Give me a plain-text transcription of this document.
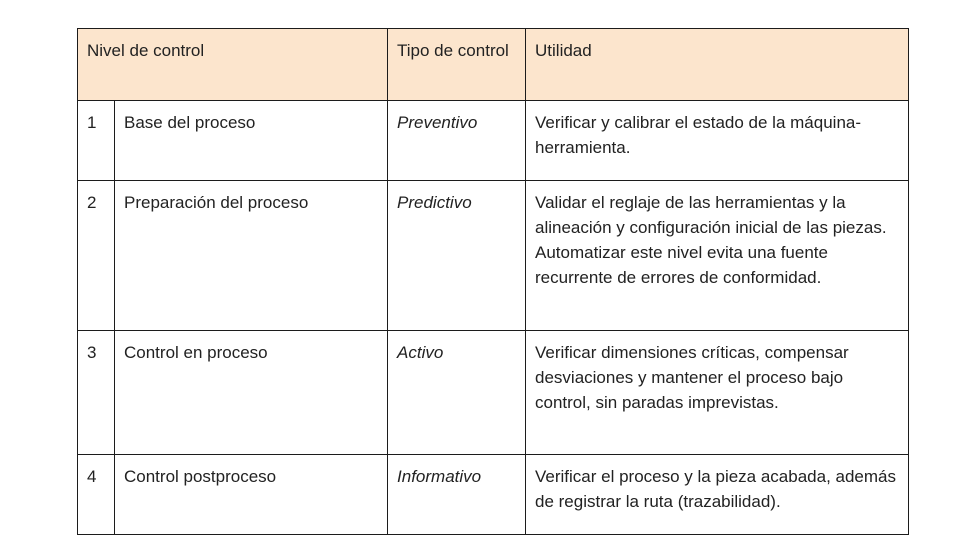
Nivel de control		Tipo de control	Utilidad
1	Base del proceso	Preventivo	Verificar y calibrar el estado de la máquina-herramienta.
2	Preparación del proceso	Predictivo	Validar el reglaje de las herramientas y la alineación y configuración inicial de las piezas. Automatizar este nivel evita una fuente recurrente de errores de conformidad.
3	Control en proceso	Activo	Verificar dimensiones críticas, compensar desviaciones y mantener el proceso bajo control, sin paradas imprevistas.
4	Control postproceso	Informativo	Verificar el proceso y la pieza acabada, además de registrar la ruta (trazabilidad).
